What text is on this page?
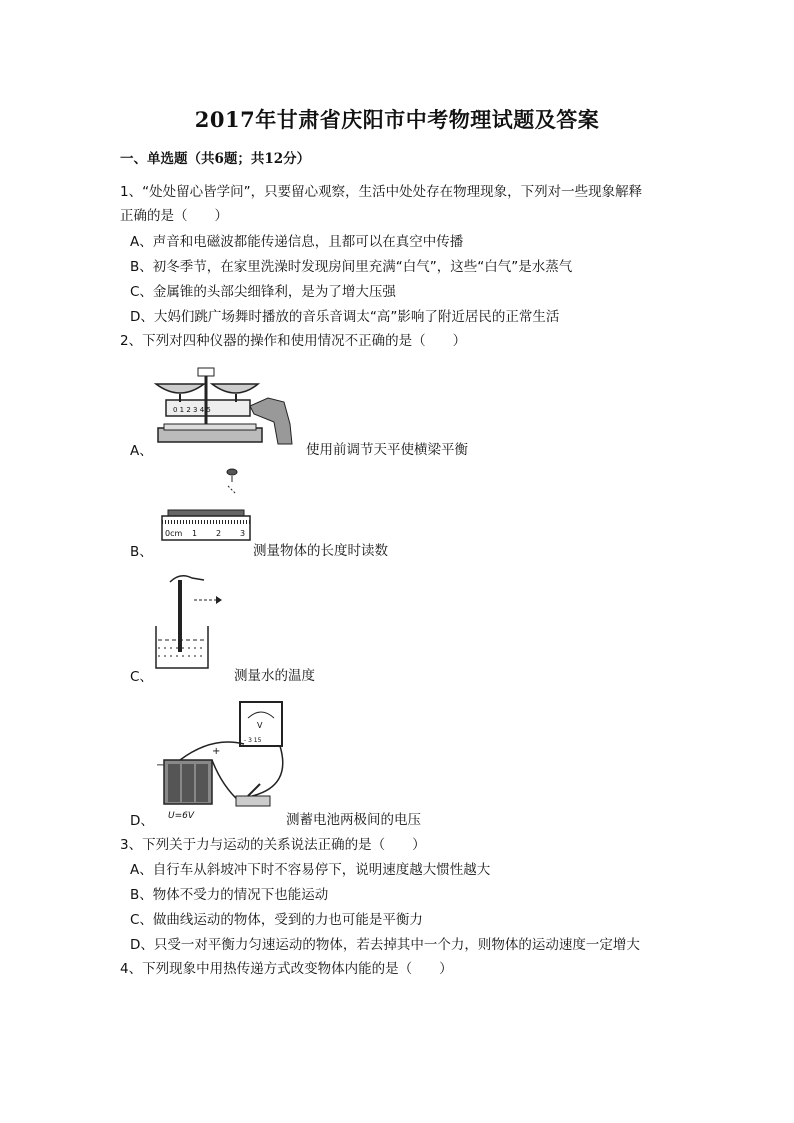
2017年甘肃省庆阳市中考物理试题及答案
一、单选题（共6题；共12分）
1、“处处留心皆学问”，只要留心观察，生活中处处存在物理现象，下列对一些现象解释
正确的是（　　）
A、声音和电磁波都能传递信息，且都可以在真空中传播
B、初冬季节，在家里洗澡时发现房间里充满“白气”，这些“白气”是水蒸气
C、金属锥的头部尖细锋利，是为了增大压强
D、大妈们跳广场舞时播放的音乐音调太“高”影响了附近居民的正常生活
2、下列对四种仪器的操作和使用情况不正确的是（　　）
A、
0 1 2 3 4 5
使用前调节天平使横梁平衡
B、
0cm 1 2 3
测量物体的长度时读数
C、	测量水的温度
D、
V
- 3 15
−
+
U=6V	测蓄电池两极间的电压
3、下列关于力与运动的关系说法正确的是（　　）
A、自行车从斜坡冲下时不容易停下，说明速度越大惯性越大
B、物体不受力的情况下也能运动
C、做曲线运动的物体，受到的力也可能是平衡力
D、只受一对平衡力匀速运动的物体，若去掉其中一个力，则物体的运动速度一定增大
4、下列现象中用热传递方式改变物体内能的是（　　）
